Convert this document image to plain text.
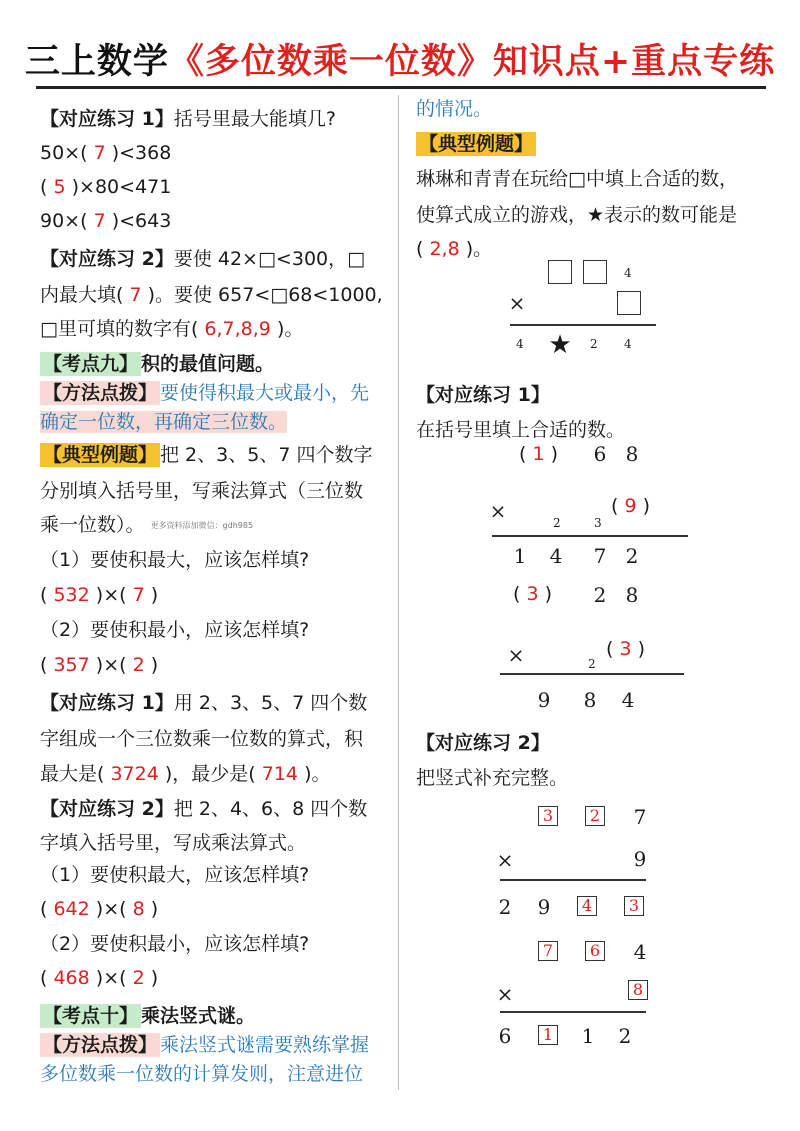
三上数学《多位数乘一位数》知识点+重点专练
【对应练习 1】括号里最大能填几?
50×( 7 )<368
( 5 )×80<471
90×( 7 )<643
【对应练习 2】要使 42×□<300，□
内最大填( 7 )。要使 657<□68<1000,
□里可填的数字有( 6,7,8,9 )。
【考点九】 积的最值问题。
【方法点拨】 要使得积最大或最小，先
确定一位数，再确定三位数。
【典型例题】 把 2、3、5、7 四个数字
分别填入括号里，写乘法算式（三位数
乘一位数）。 更多资料添加微信：gdh985
（1）要使积最大，应该怎样填?
( 532 )×( 7 )
（2）要使积最小，应该怎样填?
( 357 )×( 2 )
【对应练习 1】用 2、3、5、7 四个数
字组成一个三位数乘一位数的算式，积
最大是( 3724 )，最少是( 714 )。
【对应练习 2】把 2、4、6、8 四个数
字填入括号里，写成乘法算式。
（1）要使积最大，应该怎样填?
( 642 )×( 8 )
（2）要使积最小，应该怎样填?
( 468 )×( 2 )
【考点十】 乘法竖式谜。
【方法点拨】 乘法竖式谜需要熟练掌握
多位数乘一位数的计算发则，注意进位
的情况。
【典型例题】
琳琳和青青在玩给□中填上合适的数，
使算式成立的游戏，★表示的数可能是
( 2,8 )。
4
×
4 ★ 2 4
【对应练习 1】
在括号里填上合适的数。
( 1 ) 6 8
×	2	3
( 9 )
1 4 7 2
( 3 ) 2 8
×	2
( 3 )
9 8 4
【对应练习 2】
把竖式补充完整。
3	2 7
×	9
2 9	4	3
7	6 4
×	8
6	1 1 2
